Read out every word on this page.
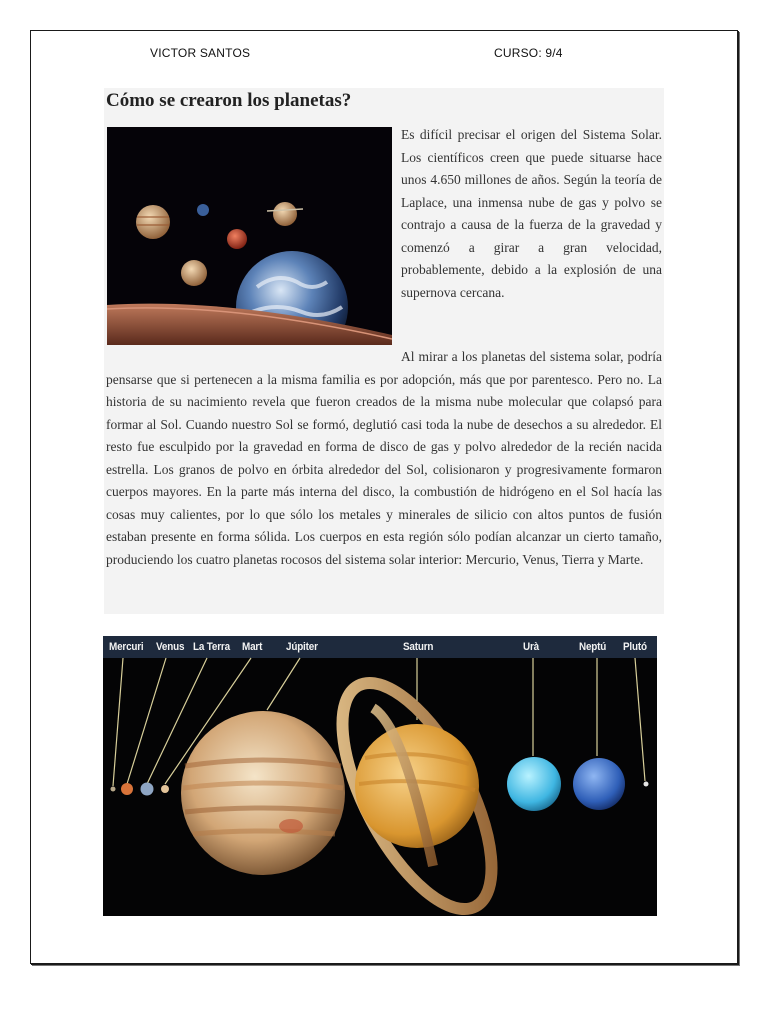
VICTOR SANTOS	CURSO: 9/4
Cómo se crearon los planetas?
Es difícil precisar el origen del Sistema Solar. Los científicos creen que puede situarse hace unos 4.650 millones de años. Según la teoría de Laplace, una inmensa nube de gas y polvo se contrajo a causa de la fuerza de la gravedad y comenzó a girar a gran velocidad, probablemente, debido a la explosión de una supernova cercana.
Al mirar a los planetas del sistema solar, podría pensarse que si pertenecen a la misma familia es por adopción, más que por parentesco. Pero no. La historia de su nacimiento revela que fueron creados de la misma nube molecular que colapsó para formar al Sol. Cuando nuestro Sol se formó, deglutió casi toda la nube de desechos a su alrededor. El resto fue esculpido por la gravedad en forma de disco de gas y polvo alrededor de la recién nacida estrella. Los granos de polvo en órbita alrededor del Sol, colisionaron y progresivamente formaron cuerpos mayores. En la parte más interna del disco, la combustión de hidrógeno en el Sol hacía las cosas muy calientes, por lo que sólo los metales y minerales de silicio con altos puntos de fusión estaban presente en forma sólida. Los cuerpos en esta región sólo podían alcanzar un cierto tamaño, produciendo los cuatro planetas rocosos del sistema solar interior: Mercurio, Venus, Tierra y Marte.
Mercuri Venus La Terra Mart Júpiter	Saturn	Urà	Neptú Plutó
